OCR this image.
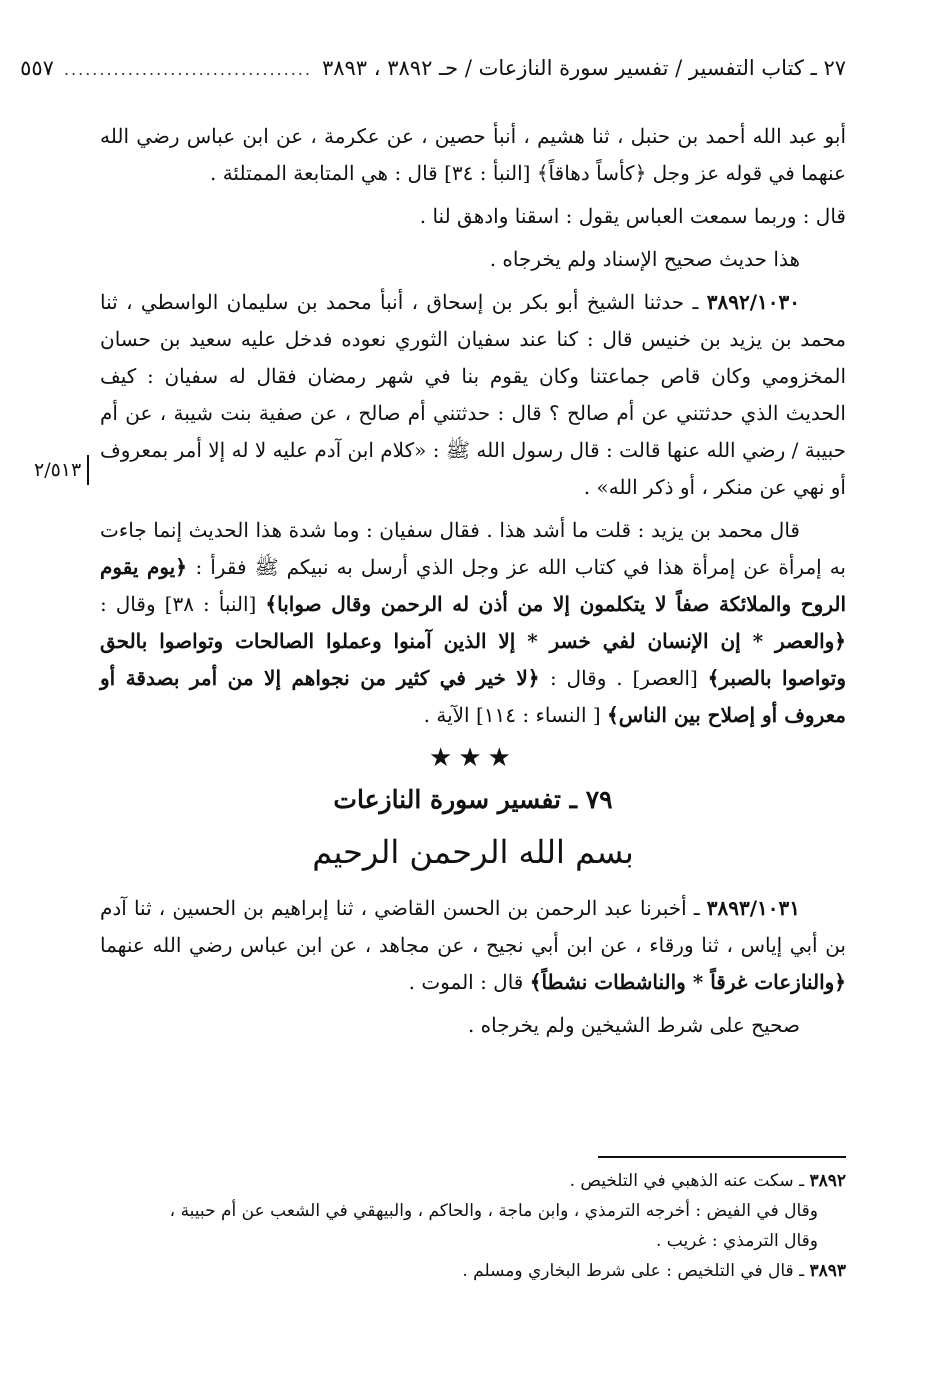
٢٧ ـ كتاب التفسير / تفسير سورة النازعات / حـ ٣٨٩٢ ، ٣٨٩٣
...................................
٥٥٧
٢/٥١٣

أبو عبد الله أحمد بن حنبل ، ثنا هشيم ، أنبأ حصين ، عن عكرمة ، عن ابن عباس رضي الله عنهما في قوله عز وجل ﴿كأساً دهاقاً﴾ [النبأ : ٣٤] قال : هي المتابعة الممتلئة .

قال : وربما سمعت العباس يقول : اسقنا وادهق لنا .

هذا حديث صحيح الإسناد ولم يخرجاه .

٣٨٩٢/١٠٣٠ ـ حدثنا الشيخ أبو بكر بن إسحاق ، أنبأ محمد بن سليمان الواسطي ، ثنا محمد بن يزيد بن خنيس قال : كنا عند سفيان الثوري نعوده فدخل عليه سعيد بن حسان المخزومي وكان قاص جماعتنا وكان يقوم بنا في شهر رمضان فقال له سفيان : كيف الحديث الذي حدثتني عن أم صالح ؟ قال : حدثتني أم صالح ، عن صفية بنت شيبة ، عن أم حبيبة / رضي الله عنها قالت : قال رسول الله ﷺ : «كلام ابن آدم عليه لا له إلا أمر بمعروف أو نهي عن منكر ، أو ذكر الله» .

قال محمد بن يزيد : قلت ما أشد هذا . فقال سفيان : وما شدة هذا الحديث إنما جاءت به إمرأة عن إمرأة هذا في كتاب الله عز وجل الذي أرسل به نبيكم ﷺ فقرأ : ﴿يوم يقوم الروح والملائكة صفاً لا يتكلمون إلا من أذن له الرحمن وقال صوابا﴾ [النبأ : ٣٨] وقال : ﴿والعصر * إن الإنسان لفي خسر * إلا الذين آمنوا وعملوا الصالحات وتواصوا بالحق وتواصوا بالصبر﴾ [العصر] . وقال : ﴿لا خير في كثير من نجواهم إلا من أمر بصدقة أو معروف أو إصلاح بين الناس﴾ [ النساء : ١١٤] الآية .

★★★
٧٩ ـ تفسير سورة النازعات
بسم الله الرحمن الرحيم

٣٨٩٣/١٠٣١ ـ أخبرنا عبد الرحمن بن الحسن القاضي ، ثنا إبراهيم بن الحسين ، ثنا آدم بن أبي إياس ، ثنا ورقاء ، عن ابن أبي نجيح ، عن مجاهد ، عن ابن عباس رضي الله عنهما ﴿والنازعات غرقاً * والناشطات نشطاً﴾ قال : الموت .

صحيح على شرط الشيخين ولم يخرجاه .

٣٨٩٢ ـ سكت عنه الذهبي في التلخيص .

وقال في الفيض : أخرجه الترمذي ، وابن ماجة ، والحاكم ، والبيهقي في الشعب عن أم حبيبة ،

وقال الترمذي : غريب .

٣٨٩٣ ـ قال في التلخيص : على شرط البخاري ومسلم .
